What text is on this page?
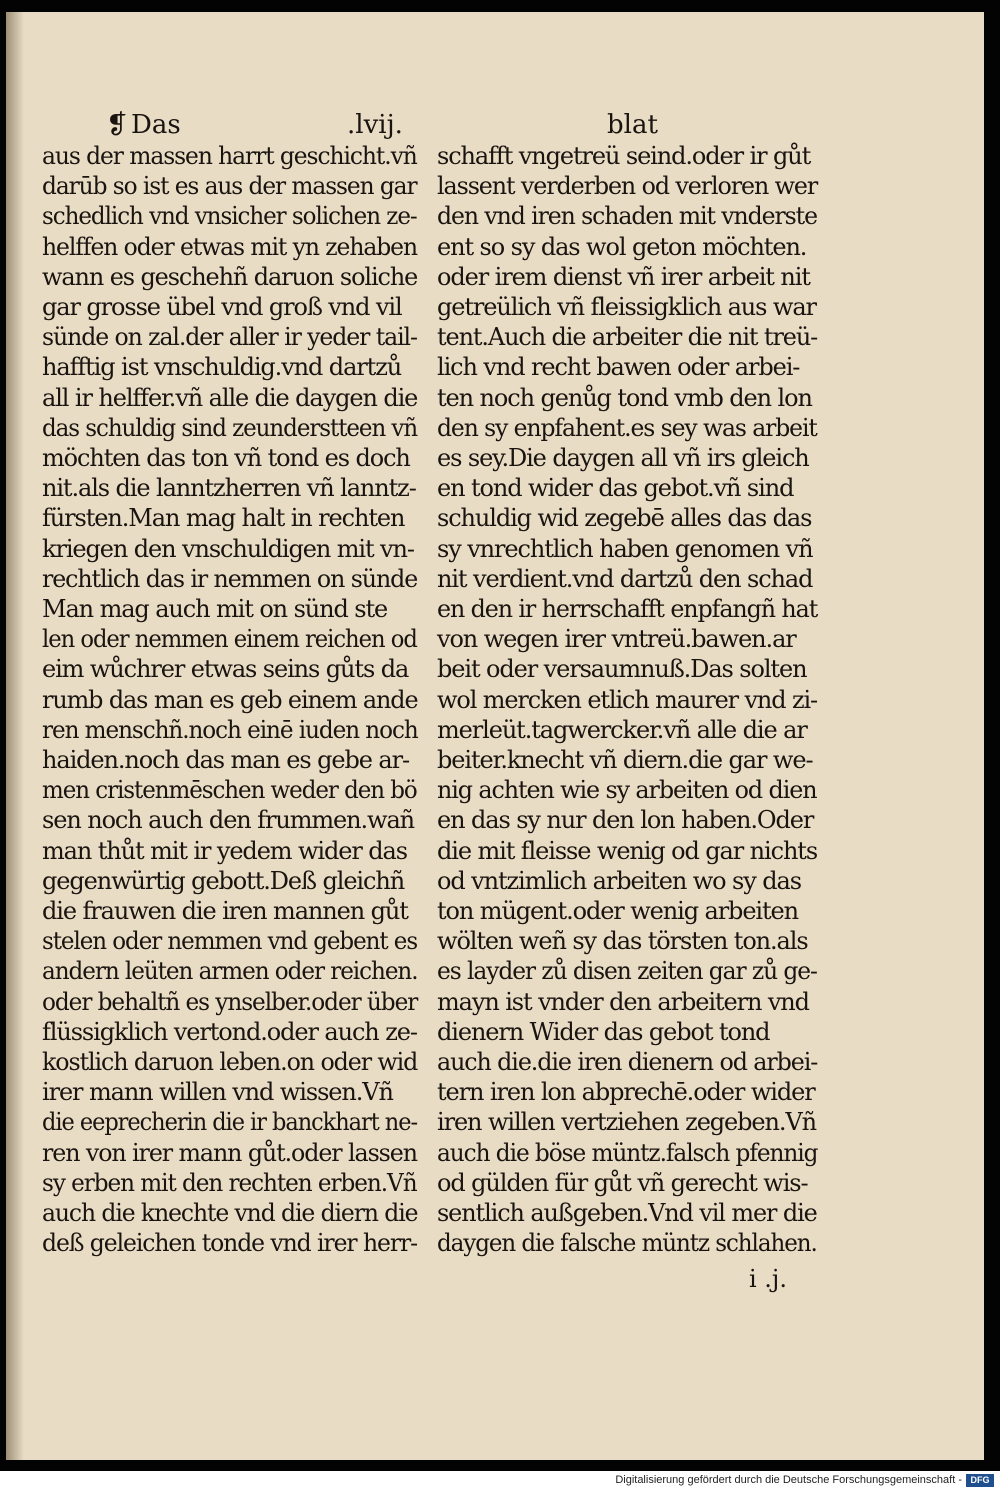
❡ Das	.lvij.	blat
aus der massen harrt geschicht.vñ
darūb so ist es aus der massen gar
schedlich vnd vnsicher solichen ze-
helffen oder etwas mit yn zehaben
wann es geschehñ daruon soliche
gar grosse übel vnd groß vnd vil
sünde on zal.der aller ir yeder tail-
hafftig ist vnschuldig.vnd dartzů
all ir helffer.vñ alle die daygen die
das schuldig sind zeunderstteen vñ
möchten das ton vñ tond es doch
nit.als die lanntzherren vñ lanntz-
fürsten.Man mag halt in rechten
kriegen den vnschuldigen mit vn-
rechtlich das ir nemmen on sünde
Man mag auch mit on sünd ste
len oder nemmen einem reichen od
eim wůchrer etwas seins gůts da
rumb das man es geb einem ande
ren menschñ.noch einē iuden noch
haiden.noch das man es gebe ar-
men cristenmēschen weder den bö
sen noch auch den frummen.wañ
man thůt mit ir yedem wider das
gegenwürtig gebott.Deß gleichñ
die frauwen die iren mannen gůt
stelen oder nemmen vnd gebent es
andern leüten armen oder reichen.
oder behaltñ es ynselber.oder über
flüssigklich vertond.oder auch ze-
kostlich daruon leben.on oder wid
irer mann willen vnd wissen.Vñ
die eeprecherin die ir banckhart ne-
ren von irer mann gůt.oder lassen
sy erben mit den rechten erben.Vñ
auch die knechte vnd die diern die
deß geleichen tonde vnd irer herr-
schafft vngetreü seind.oder ir gůt
lassent verderben od verloren wer
den vnd iren schaden mit vnderste
ent so sy das wol geton möchten.
oder irem dienst vñ irer arbeit nit
getreülich vñ fleissigklich aus war
tent.Auch die arbeiter die nit treü-
lich vnd recht bawen oder arbei-
ten noch genůg tond vmb den lon
den sy enpfahent.es sey was arbeit
es sey.Die daygen all vñ irs gleich
en tond wider das gebot.vñ sind
schuldig wid zegebē alles das das
sy vnrechtlich haben genomen vñ
nit verdient.vnd dartzů den schad
en den ir herrschafft enpfangñ hat
von wegen irer vntreü.bawen.ar
beit oder versaumnuß.Das solten
wol mercken etlich maurer vnd zi-
merleüt.tagwercker.vñ alle die ar
beiter.knecht vñ diern.die gar we-
nig achten wie sy arbeiten od dien
en das sy nur den lon haben.Oder
die mit fleisse wenig od gar nichts
od vntzimlich arbeiten wo sy das
ton mügent.oder wenig arbeiten
wölten weñ sy das törsten ton.als
es layder zů disen zeiten gar zů ge-
mayn ist vnder den arbeitern vnd
dienern Wider das gebot tond
auch die.die iren dienern od arbei-
tern iren lon abprechē.oder wider
iren willen vertziehen zegeben.Vñ
auch die böse müntz.falsch pfennig
od gülden für gůt vñ gerecht wis-
sentlich außgeben.Vnd vil mer die
daygen die falsche müntz schlahen.
i .j.
Digitalisierung gefördert durch die Deutsche Forschungsgemeinschaft - DFG
